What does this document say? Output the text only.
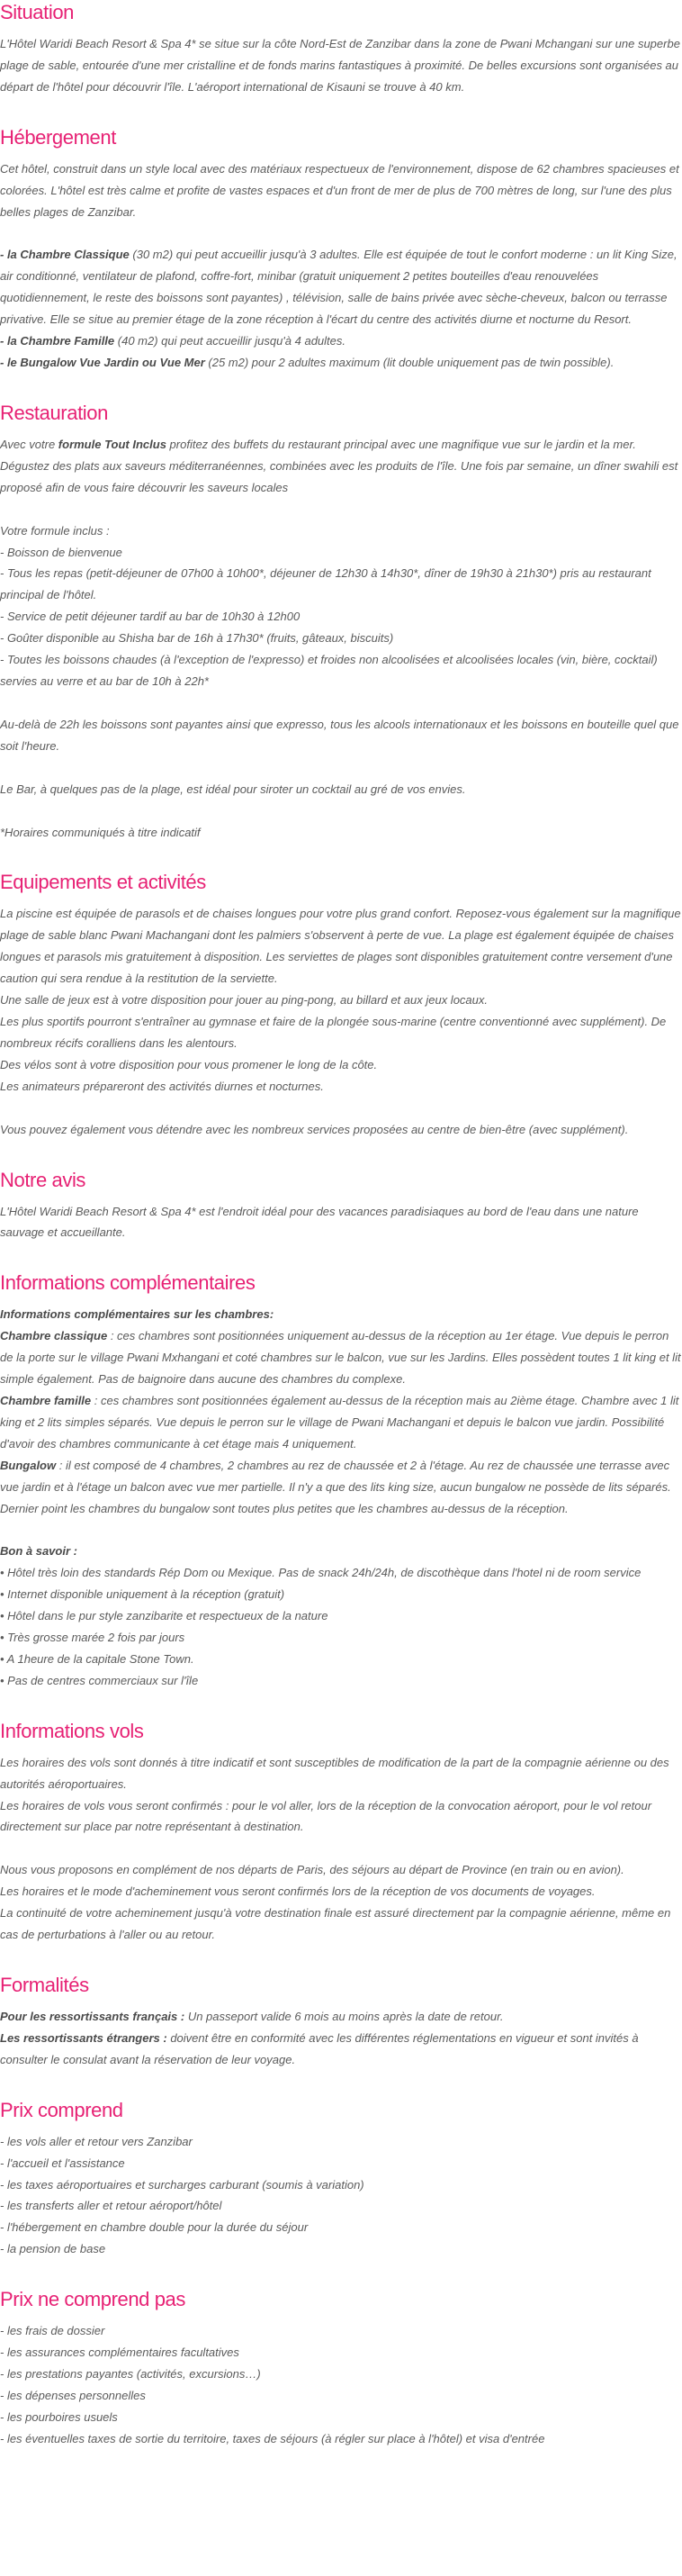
Situation

L'Hôtel Waridi Beach Resort & Spa 4* se situe sur la côte Nord-Est de Zanzibar dans la zone de Pwani Mchangani sur une superbe plage de sable, entourée d'une mer cristalline et de fonds marins fantastiques à proximité. De belles excursions sont organisées au départ de l'hôtel pour découvrir l'île. L'aéroport international de Kisauni se trouve à 40 km.

Hébergement

Cet hôtel, construit dans un style local avec des matériaux respectueux de l'environnement, dispose de 62 chambres spacieuses et colorées. L'hôtel est très calme et profite de vastes espaces et d'un front de mer de plus de 700 mètres de long, sur l'une des plus belles plages de Zanzibar.

- la Chambre Classique (30 m2) qui peut accueillir jusqu'à 3 adultes. Elle est équipée de tout le confort moderne : un lit King Size, air conditionné, ventilateur de plafond, coffre-fort, minibar (gratuit uniquement 2 petites bouteilles d'eau renouvelées quotidiennement, le reste des boissons sont payantes) , télévision, salle de bains privée avec sèche-cheveux, balcon ou terrasse privative. Elle se situe au premier étage de la zone réception à l'écart du centre des activités diurne et nocturne du Resort.

- la Chambre Famille (40 m2) qui peut accueillir jusqu'à 4 adultes.

- le Bungalow Vue Jardin ou Vue Mer (25 m2) pour 2 adultes maximum (lit double uniquement pas de twin possible).

Restauration

Avec votre formule Tout Inclus profitez des buffets du restaurant principal avec une magnifique vue sur le jardin et la mer. Dégustez des plats aux saveurs méditerranéennes, combinées avec les produits de l'île. Une fois par semaine, un dîner swahili est proposé afin de vous faire découvrir les saveurs locales

Votre formule inclus :

- Boisson de bienvenue

- Tous les repas (petit-déjeuner de 07h00 à 10h00*, déjeuner de 12h30 à 14h30*, dîner de 19h30 à 21h30*) pris au restaurant principal de l'hôtel.

- Service de petit déjeuner tardif au bar de 10h30 à 12h00

- Goûter disponible au Shisha bar de 16h à 17h30* (fruits, gâteaux, biscuits)

- Toutes les boissons chaudes (à l'exception de l'expresso) et froides non alcoolisées et alcoolisées locales (vin, bière, cocktail) servies au verre et au bar de 10h à 22h*

Au-delà de 22h les boissons sont payantes ainsi que expresso, tous les alcools internationaux et les boissons en bouteille quel que soit l'heure.

Le Bar, à quelques pas de la plage, est idéal pour siroter un cocktail au gré de vos envies.

*Horaires communiqués à titre indicatif

Equipements et activités

La piscine est équipée de parasols et de chaises longues pour votre plus grand confort. Reposez-vous également sur la magnifique plage de sable blanc Pwani Machangani dont les palmiers s'observent à perte de vue. La plage est également équipée de chaises longues et parasols mis gratuitement à disposition. Les serviettes de plages sont disponibles gratuitement contre versement d'une caution qui sera rendue à la restitution de la serviette.

Une salle de jeux est à votre disposition pour jouer au ping-pong, au billard et aux jeux locaux.

Les plus sportifs pourront s'entraîner au gymnase et faire de la plongée sous-marine (centre conventionné avec supplément). De nombreux récifs coralliens dans les alentours.

Des vélos sont à votre disposition pour vous promener le long de la côte.

Les animateurs prépareront des activités diurnes et nocturnes.

Vous pouvez également vous détendre avec les nombreux services proposées au centre de bien-être (avec supplément).

Notre avis

L'Hôtel Waridi Beach Resort & Spa 4* est l'endroit idéal pour des vacances paradisiaques au bord de l'eau dans une nature sauvage et accueillante.

Informations complémentaires

Informations complémentaires sur les chambres:

Chambre classique : ces chambres sont positionnées uniquement au-dessus de la réception au 1er étage. Vue depuis le perron de la porte sur le village Pwani Mxhangani et coté chambres sur le balcon, vue sur les Jardins. Elles possèdent toutes 1 lit king et lit simple également. Pas de baignoire dans aucune des chambres du complexe.

Chambre famille : ces chambres sont positionnées également au-dessus de la réception mais au 2ième étage. Chambre avec 1 lit king et 2 lits simples séparés. Vue depuis le perron sur le village de Pwani Machangani et depuis le balcon vue jardin. Possibilité d'avoir des chambres communicante à cet étage mais 4 uniquement.

Bungalow : il est composé de 4 chambres, 2 chambres au rez de chaussée et 2 à l'étage. Au rez de chaussée une terrasse avec vue jardin et à l'étage un balcon avec vue mer partielle. Il n'y a que des lits king size, aucun bungalow ne possède de lits séparés.

Dernier point les chambres du bungalow sont toutes plus petites que les chambres au-dessus de la réception.

Bon à savoir :

• Hôtel très loin des standards Rép Dom ou Mexique. Pas de snack 24h/24h, de discothèque dans l'hotel ni de room service

• Internet disponible uniquement à la réception (gratuit)

• Hôtel dans le pur style zanzibarite et respectueux de la nature

• Très grosse marée 2 fois par jours

• A 1heure de la capitale Stone Town.

• Pas de centres commerciaux sur l'île

Informations vols

Les horaires des vols sont donnés à titre indicatif et sont susceptibles de modification de la part de la compagnie aérienne ou des autorités aéroportuaires.

Les horaires de vols vous seront confirmés : pour le vol aller, lors de la réception de la convocation aéroport, pour le vol retour directement sur place par notre représentant à destination.

Nous vous proposons en complément de nos départs de Paris, des séjours au départ de Province (en train ou en avion).

Les horaires et le mode d'acheminement vous seront confirmés lors de la réception de vos documents de voyages.

La continuité de votre acheminement jusqu'à votre destination finale est assuré directement par la compagnie aérienne, même en cas de perturbations à l'aller ou au retour.

Formalités

Pour les ressortissants français : Un passeport valide 6 mois au moins après la date de retour.

Les ressortissants étrangers : doivent être en conformité avec les différentes réglementations en vigueur et sont invités à consulter le consulat avant la réservation de leur voyage.

Prix comprend

- les vols aller et retour vers Zanzibar

- l'accueil et l'assistance

- les taxes aéroportuaires et surcharges carburant (soumis à variation)

- les transferts aller et retour aéroport/hôtel

- l'hébergement en chambre double pour la durée du séjour

- la pension de base

Prix ne comprend pas

- les frais de dossier

- les assurances complémentaires facultatives

- les prestations payantes (activités, excursions…)

- les dépenses personnelles

- les pourboires usuels

- les éventuelles taxes de sortie du territoire, taxes de séjours (à régler sur place à l'hôtel) et visa d'entrée
